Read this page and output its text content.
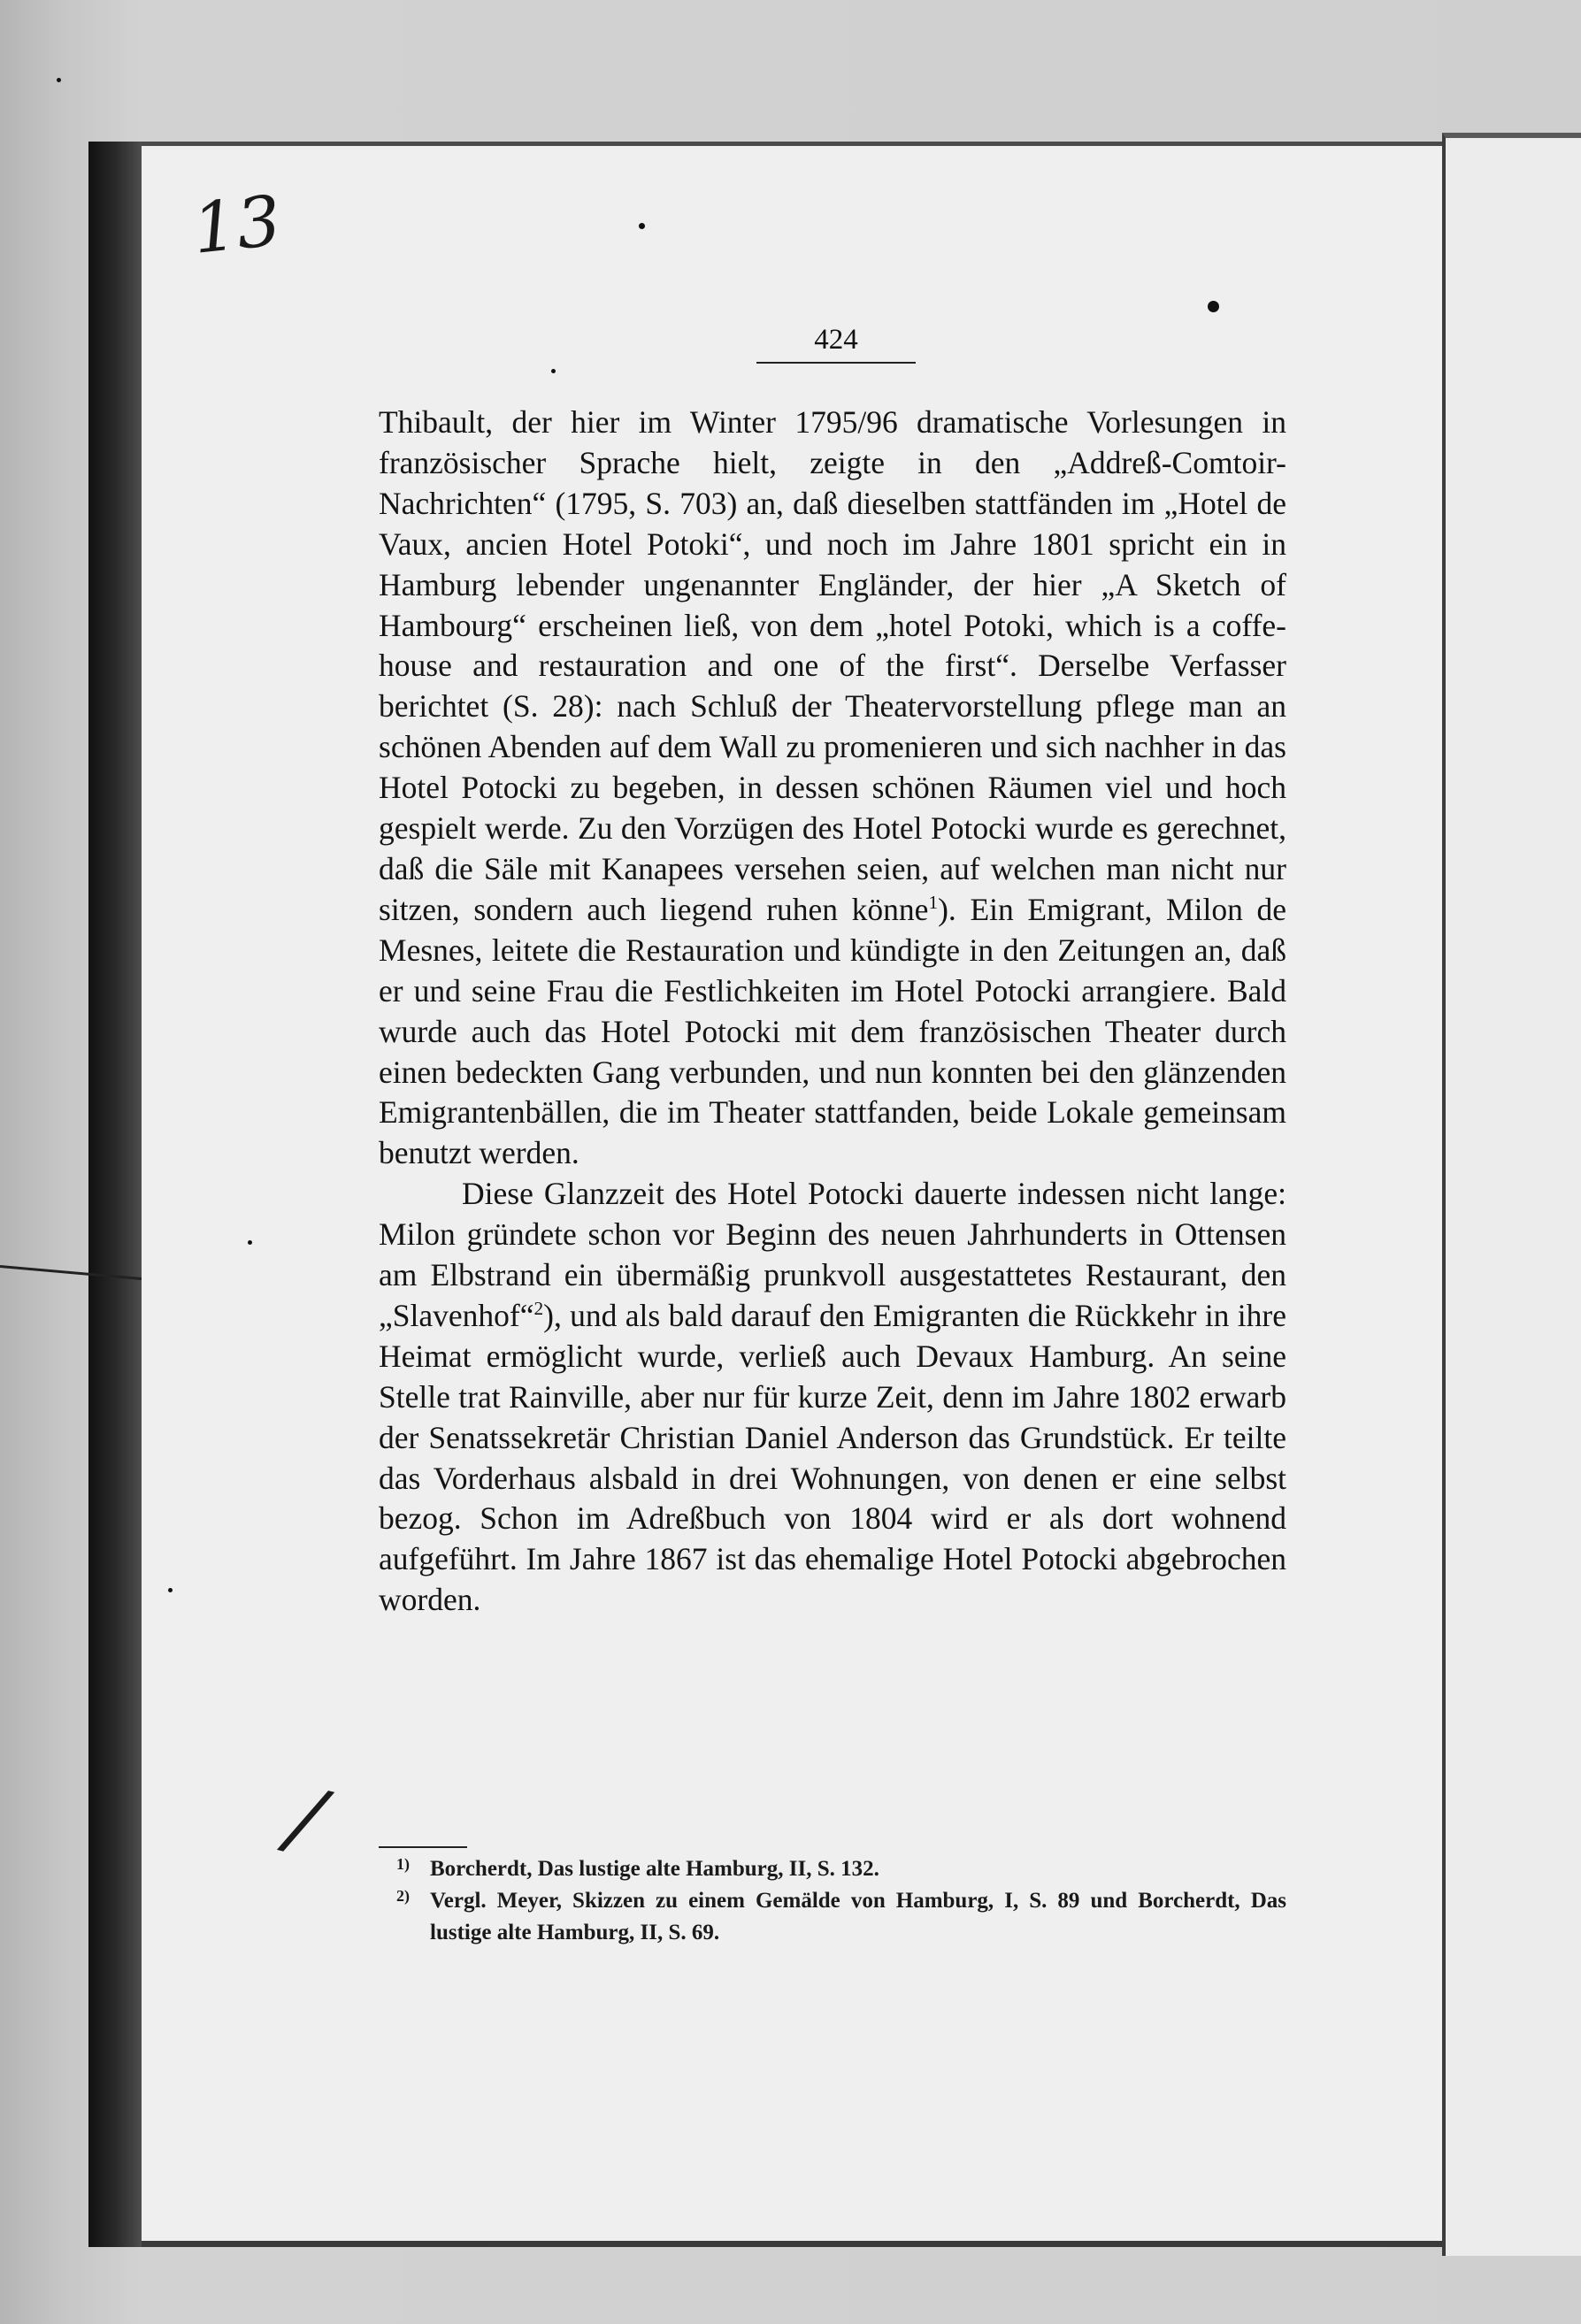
13
424

Thibault, der hier im Winter 1795/96 dramatische Vorlesungen in französischer Sprache hielt, zeigte in den „Addreß-Comtoir-Nachrichten“ (1795, S. 703) an, daß dieselben stattfänden im „Hotel de Vaux, ancien Hotel Potoki“, und noch im Jahre 1801 spricht ein in Hamburg lebender ungenannter Engländer, der hier „A Sketch of Hambourg“ erscheinen ließ, von dem „hotel Potoki, which is a coffe-house and restauration and one of the first“. Derselbe Verfasser berichtet (S. 28): nach Schluß der Theatervorstellung pflege man an schönen Abenden auf dem Wall zu promenieren und sich nachher in das Hotel Potocki zu begeben, in dessen schönen Räumen viel und hoch gespielt werde. Zu den Vorzügen des Hotel Potocki wurde es gerechnet, daß die Säle mit Kanapees versehen seien, auf welchen man nicht nur sitzen, sondern auch liegend ruhen könne$^1$). Ein Emigrant, Milon de Mesnes, leitete die Restauration und kündigte in den Zeitungen an, daß er und seine Frau die Festlichkeiten im Hotel Potocki arrangiere. Bald wurde auch das Hotel Potocki mit dem französischen Theater durch einen bedeckten Gang verbunden, und nun konnten bei den glänzenden Emigrantenbällen, die im Theater stattfanden, beide Lokale gemeinsam benutzt werden.

Diese Glanzzeit des Hotel Potocki dauerte indessen nicht lange: Milon gründete schon vor Beginn des neuen Jahrhunderts in Ottensen am Elbstrand ein übermäßig prunkvoll ausgestattetes Restaurant, den „Slavenhof“$^2$), und als bald darauf den Emigranten die Rückkehr in ihre Heimat ermöglicht wurde, verließ auch Devaux Hamburg. An seine Stelle trat Rainville, aber nur für kurze Zeit, denn im Jahre 1802 erwarb der Senatssekretär Christian Daniel Anderson das Grundstück. Er teilte das Vorderhaus alsbald in drei Wohnungen, von denen er eine selbst bezog. Schon im Adreßbuch von 1804 wird er als dort wohnend aufgeführt. Im Jahre 1867 ist das ehemalige Hotel Potocki abgebrochen worden.

/	1) Borcherdt, Das lustige alte Hamburg, II, S. 132.
2) Vergl. Meyer, Skizzen zu einem Gemälde von Hamburg, I, S. 89 und Borcherdt, Das lustige alte Hamburg, II, S. 69.
